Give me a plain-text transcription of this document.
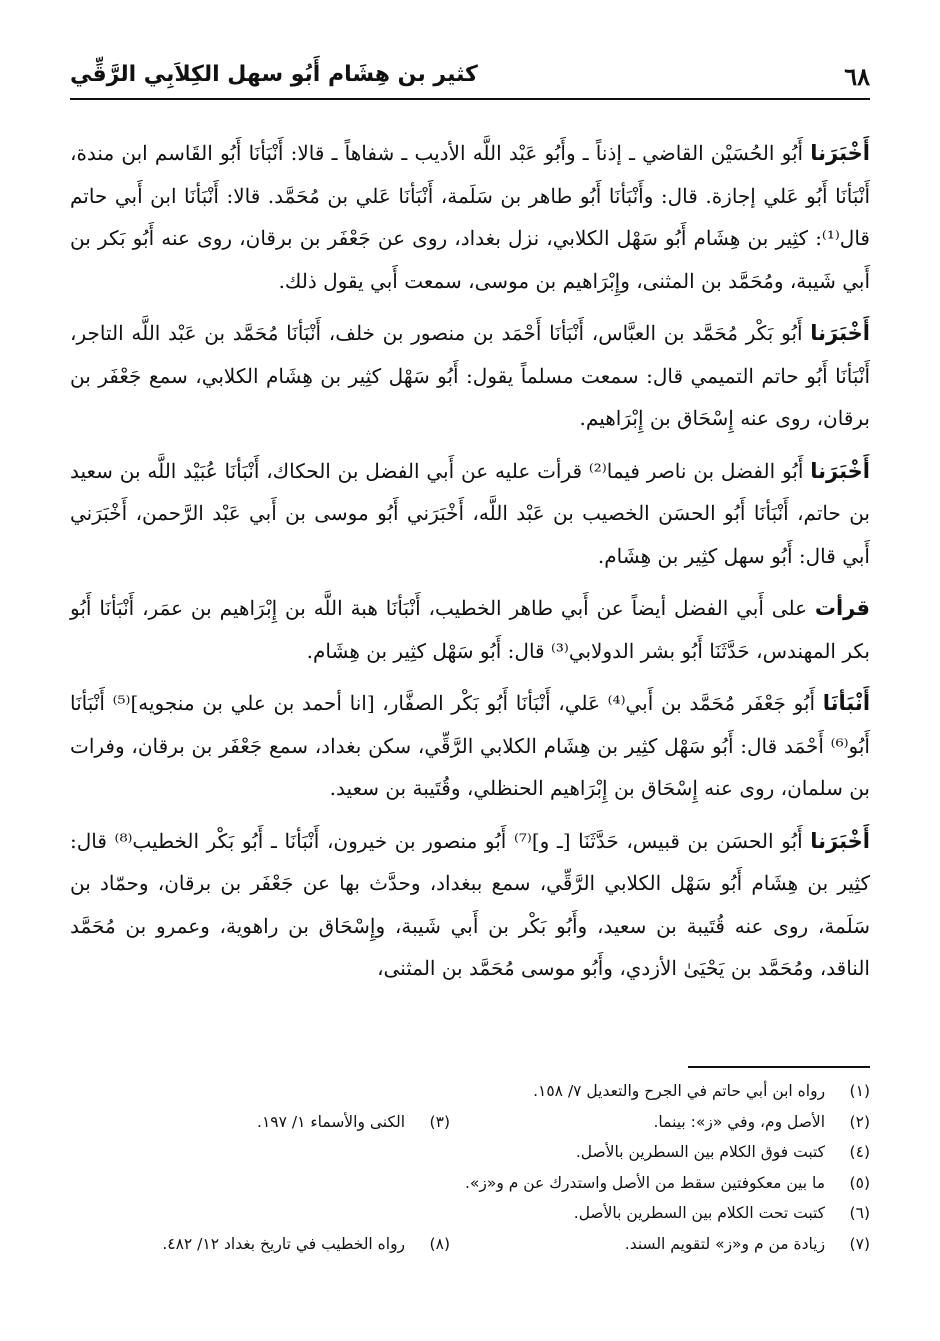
٦٨
كثير بن هِشَام أَبُو سهل الكِلاَبِي الرَّقِّي

أَخْبَرَنا أَبُو الحُسَيْن القاضي ـ إذناً ـ وأَبُو عَبْد اللَّه الأديب ـ شفاهاً ـ قالا: أَنْبَأنَا أَبُو القَاسم ابن مندة، أَنْبَأنَا أَبُو عَلي إجازة. قال: وأَنْبَأنَا أَبُو طاهر بن سَلَمة، أَنْبَأنَا عَلي بن مُحَمَّد. قالا: أَنْبَأنَا ابن أَبي حاتم قال⁽¹⁾: كثِير بن هِشَام أَبُو سَهْل الكلابي، نزل بغداد، روى عن جَعْفَر بن برقان، روى عنه أَبُو بَكر بن أَبي شَيبة، ومُحَمَّد بن المثنى، وإِبْرَاهيم بن موسى، سمعت أَبي يقول ذلك.

أَخْبَرَنا أَبُو بَكْر مُحَمَّد بن العبَّاس، أَنْبَأنَا أَحْمَد بن منصور بن خلف، أَنْبَأنَا مُحَمَّد بن عَبْد اللَّه التاجر، أَنْبَأنَا أَبُو حاتم التميمي قال: سمعت مسلماً يقول: أَبُو سَهْل كثِير بن هِشَام الكلابي، سمع جَعْفَر بن برقان، روى عنه إِسْحَاق بن إِبْرَاهيم.

أَخْبَرَنا أَبُو الفضل بن ناصر فيما⁽²⁾ قرأت عليه عن أَبي الفضل بن الحكاك، أَنْبَأنَا عُبَيْد اللَّه بن سعيد بن حاتم، أَنْبَأنَا أَبُو الحسَن الخصيب بن عَبْد اللَّه، أَخْبَرَني أَبُو موسى بن أَبي عَبْد الرَّحمن، أَخْبَرَني أَبي قال: أَبُو سهل كثِير بن هِشَام.

قرأت على أَبي الفضل أيضاً عن أَبي طاهر الخطيب، أَنْبَأنَا هبة اللَّه بن إِبْرَاهيم بن عمَر، أَنْبَأنَا أَبُو بكر المهندس، حَدَّثَنَا أَبُو بشر الدولابي⁽³⁾ قال: أَبُو سَهْل كثِير بن هِشَام.

أَنْبَأنَا أَبُو جَعْفَر مُحَمَّد بن أَبي⁽⁴⁾ عَلي، أَنْبَأنَا أَبُو بَكْر الصفَّار، [انا أحمد بن علي بن منجويه]⁽⁵⁾ أَنْبَأنَا أَبُو⁽⁶⁾ أَحْمَد قال: أَبُو سَهْل كثِير بن هِشَام الكلابي الرَّقِّي، سكن بغداد، سمع جَعْفَر بن برقان، وفرات بن سلمان، روى عنه إِسْحَاق بن إِبْرَاهيم الحنظلي، وقُتَيبة بن سعيد.

أَخْبَرَنا أَبُو الحسَن بن قبيس، حَدَّثَنَا [ـ و]⁽⁷⁾ أَبُو منصور بن خيرون، أَنْبَأنَا ـ أَبُو بَكْر الخطيب⁽⁸⁾ قال: كثِير بن هِشَام أَبُو سَهْل الكلابي الرَّقِّي، سمع ببغداد، وحدَّث بها عن جَعْفَر بن برقان، وحمّاد بن سَلَمة، روى عنه قُتَيبة بن سعيد، وأَبُو بَكْر بن أَبي شَيبة، وإِسْحَاق بن راهوية، وعمرو بن مُحَمَّد الناقد، ومُحَمَّد بن يَحْيَىٰ الأزدي، وأَبُو موسى مُحَمَّد بن المثنى،

(١) رواه ابن أبي حاتم في الجرح والتعديل ٧/ ١٥٨.
(٢) الأصل وم، وفي «ز»: بينما.
(٣) الكنى والأسماء ١/ ١٩٧.
(٤) كتبت فوق الكلام بين السطرين بالأصل.
(٥) ما بين معكوفتين سقط من الأصل واستدرك عن م و«ز».
(٦) كتبت تحت الكلام بين السطرين بالأصل.
(٧) زيادة من م و«ز» لتقويم السند.
(٨) رواه الخطيب في تاريخ بغداد ١٢/ ٤٨٢.
